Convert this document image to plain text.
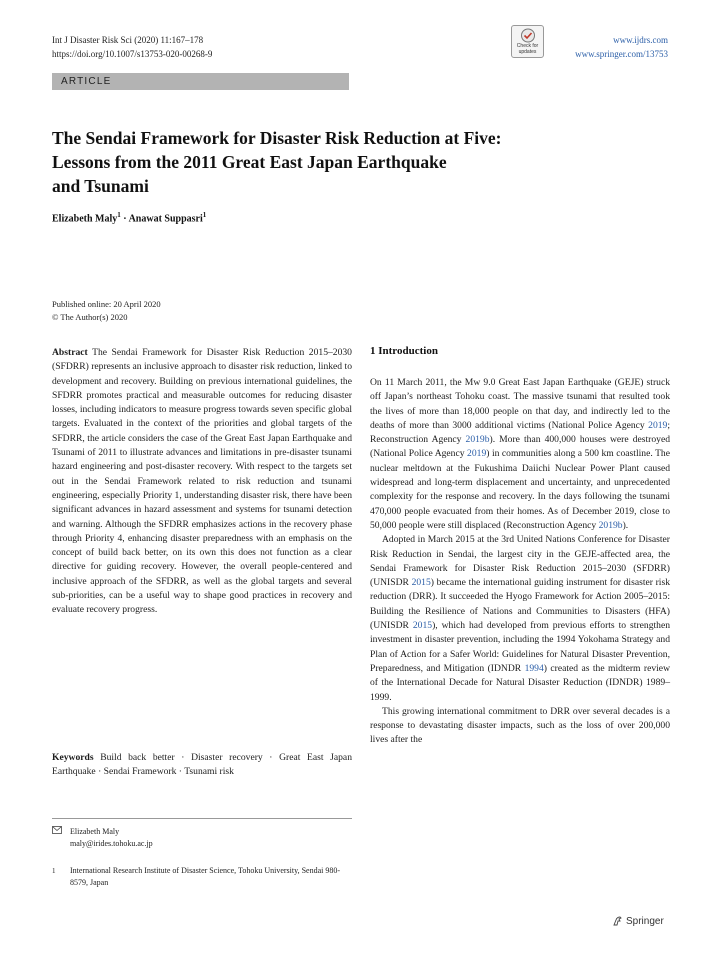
Int J Disaster Risk Sci (2020) 11:167–178
https://doi.org/10.1007/s13753-020-00268-9
Check for
updates
www.ijdrs.com
www.springer.com/13753
ARTICLE
The Sendai Framework for Disaster Risk Reduction at Five:
Lessons from the 2011 Great East Japan Earthquake
and Tsunami
Elizabeth Maly$^1$ · Anawat Suppasri$^1$
Published online: 20 April 2020
© The Author(s) 2020

Abstract The Sendai Framework for Disaster Risk Reduction 2015–2030 (SFDRR) represents an inclusive approach to disaster risk reduction, linked to development and recovery. Building on previous international guidelines, the SFDRR promotes practical and measurable outcomes for reducing disaster losses, including indicators to measure progress towards seven specific global targets. Evaluated in the context of the priorities and global targets of the SFDRR, the article considers the case of the Great East Japan Earthquake and Tsunami of 2011 to illustrate advances and limitations in pre-disaster tsunami hazard engineering and post-disaster recovery. With respect to the targets set out in the Sendai Framework related to risk reduction and tsunami engineering, especially Priority 1, understanding disaster risk, there have been significant advances in hazard assessment and systems for tsunami detection and warning. Although the SFDRR emphasizes actions in the recovery phase through Priority 4, enhancing disaster preparedness with an emphasis on the concept of build back better, on its own this does not function as a clear directive for guiding recovery. However, the overall people-centered and inclusive approach of the SFDRR, as well as the global targets and several sub-priorities, can be a useful way to shape good practices in recovery and evaluate recovery progress.

Keywords Build back better · Disaster recovery · Great East Japan Earthquake · Sendai Framework · Tsunami risk

Elizabeth Maly
maly@irides.tohoku.ac.jp
1	International Research Institute of Disaster Science, Tohoku University, Sendai 980-8579, Japan
1 Introduction

On 11 March 2011, the Mw 9.0 Great East Japan Earthquake (GEJE) struck off Japan’s northeast Tohoku coast. The massive tsunami that resulted took the lives of more than 18,000 people on that day, and indirectly led to the deaths of more than 3000 additional victims (National Police Agency 2019; Reconstruction Agency 2019b). More than 400,000 houses were destroyed (National Police Agency 2019) in communities along a 500 km coastline. The nuclear meltdown at the Fukushima Daiichi Nuclear Power Plant caused widespread and long-term displacement and uncertainty, and unprecedented complexity for the response and recovery. In the days following the tsunami 470,000 people evacuated from their homes. As of December 2019, close to 50,000 people were still displaced (Reconstruction Agency 2019b).

Adopted in March 2015 at the 3rd United Nations Conference for Disaster Risk Reduction in Sendai, the largest city in the GEJE-affected area, the Sendai Framework for Disaster Risk Reduction 2015–2030 (SFDRR) (UNISDR 2015) became the international guiding instrument for disaster risk reduction (DRR). It succeeded the Hyogo Framework for Action 2005–2015: Building the Resilience of Nations and Communities to Disasters (HFA) (UNISDR 2015), which had developed from previous efforts to strengthen investment in disaster prevention, including the 1994 Yokohama Strategy and Plan of Action for a Safer World: Guidelines for Natural Disaster Prevention, Preparedness, and Mitigation (IDNDR 1994) created as the midterm review of the International Decade for Natural Disaster Reduction (IDNDR) 1989–1999.

This growing international commitment to DRR over several decades is a response to devastating disaster impacts, such as the loss of over 200,000 lives after the

Springer
